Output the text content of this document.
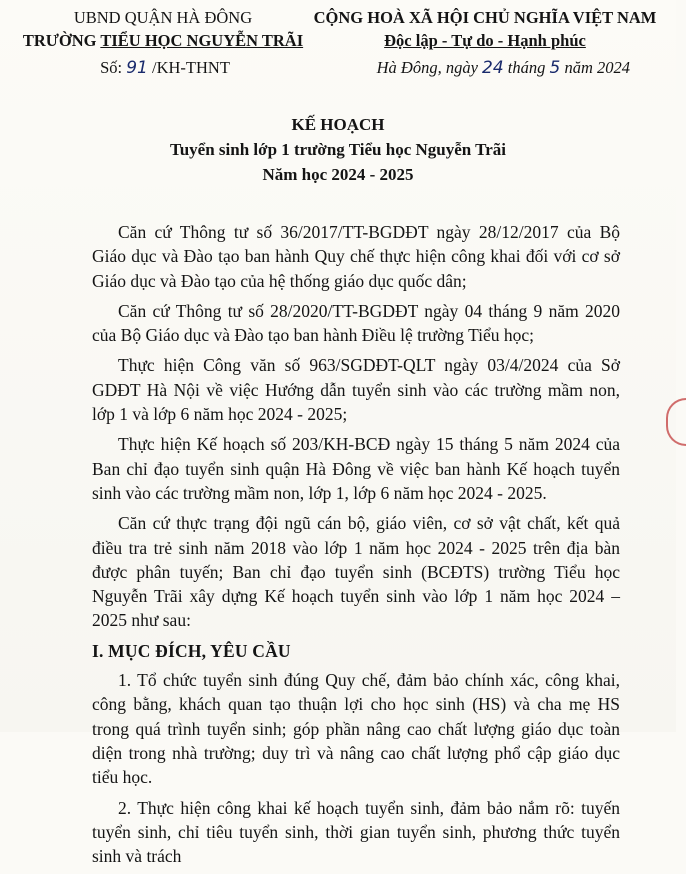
UBND QUẬN HÀ ĐÔNG
TRƯỜNG TIỂU HỌC NGUYỄN TRÃI
CỘNG HOÀ XÃ HỘI CHỦ NGHĨA VIỆT NAM
Độc lập - Tự do - Hạnh phúc
Số: 91 /KH-THNT	Hà Đông, ngày 24 tháng 5 năm 2024
KẾ HOẠCH
Tuyển sinh lớp 1 trường Tiểu học Nguyễn Trãi
Năm học 2024 - 2025

Căn cứ Thông tư số 36/2017/TT-BGDĐT ngày 28/12/2017 của Bộ Giáo dục và Đào tạo ban hành Quy chế thực hiện công khai đối với cơ sở Giáo dục và Đào tạo của hệ thống giáo dục quốc dân;

Căn cứ Thông tư số 28/2020/TT-BGDĐT ngày 04 tháng 9 năm 2020 của Bộ Giáo dục và Đào tạo ban hành Điều lệ trường Tiểu học;

Thực hiện Công văn số 963/SGDĐT-QLT ngày 03/4/2024 của Sở GDĐT Hà Nội về việc Hướng dẫn tuyển sinh vào các trường mầm non, lớp 1 và lớp 6 năm học 2024 - 2025;

Thực hiện Kế hoạch số 203/KH-BCĐ ngày 15 tháng 5 năm 2024 của Ban chỉ đạo tuyển sinh quận Hà Đông về việc ban hành Kế hoạch tuyển sinh vào các trường mầm non, lớp 1, lớp 6 năm học 2024 - 2025.

Căn cứ thực trạng đội ngũ cán bộ, giáo viên, cơ sở vật chất, kết quả điều tra trẻ sinh năm 2018 vào lớp 1 năm học 2024 - 2025 trên địa bàn được phân tuyến; Ban chỉ đạo tuyển sinh (BCĐTS) trường Tiểu học Nguyễn Trãi xây dựng Kế hoạch tuyển sinh vào lớp 1 năm học 2024 – 2025 như sau:

I. MỤC ĐÍCH, YÊU CẦU

1. Tổ chức tuyển sinh đúng Quy chế, đảm bảo chính xác, công khai, công bằng, khách quan tạo thuận lợi cho học sinh (HS) và cha mẹ HS trong quá trình tuyển sinh; góp phần nâng cao chất lượng giáo dục toàn diện trong nhà trường; duy trì và nâng cao chất lượng phổ cập giáo dục tiểu học.

2. Thực hiện công khai kế hoạch tuyển sinh, đảm bảo nắm rõ: tuyến tuyển sinh, chỉ tiêu tuyển sinh, thời gian tuyển sinh, phương thức tuyển sinh và trách
